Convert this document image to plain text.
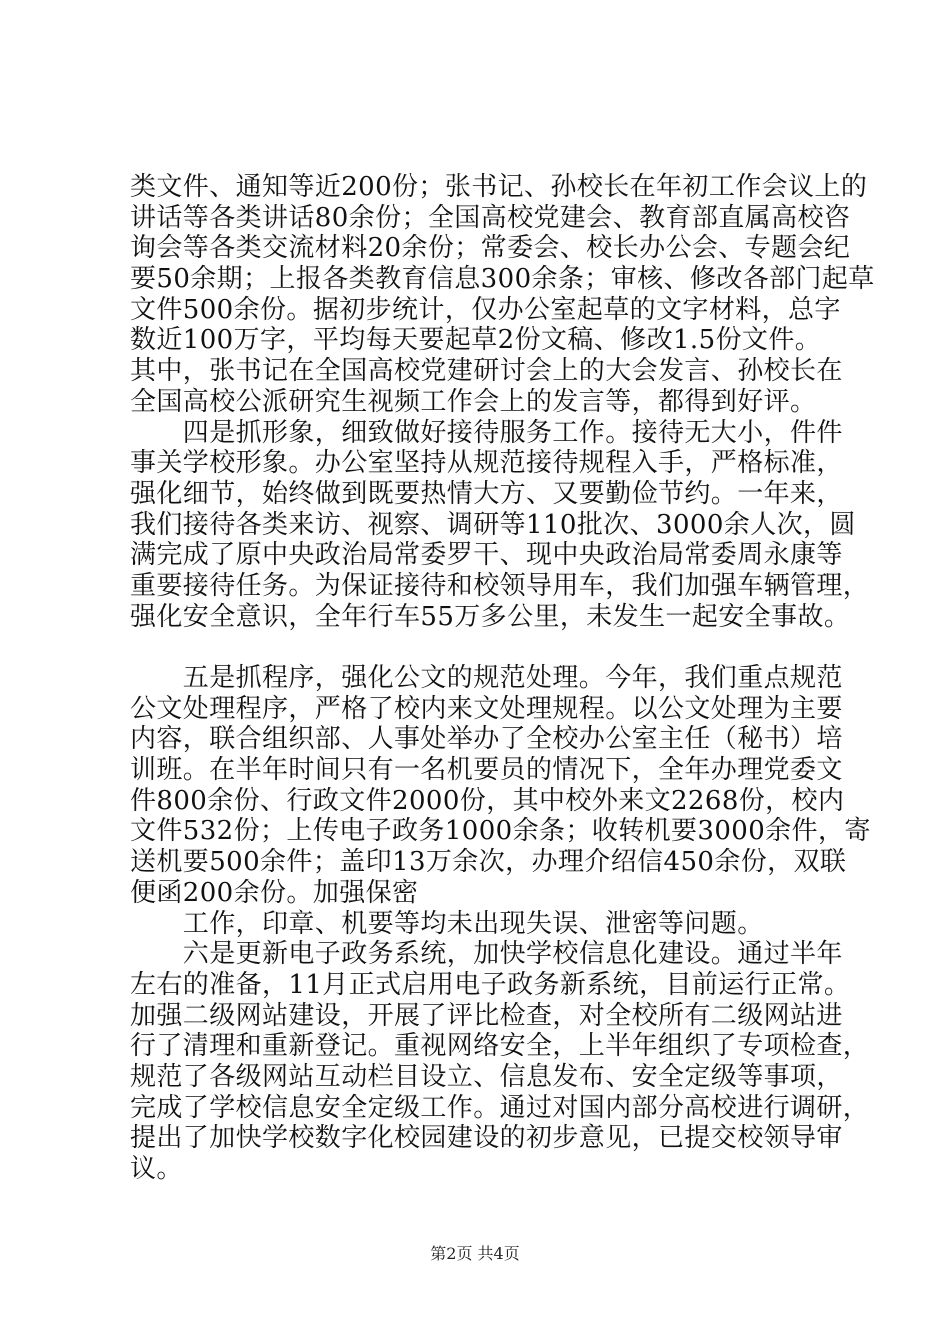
类文件、通知等近200份；张书记、孙校长在年初工作会议上的
讲话等各类讲话80余份；全国高校党建会、教育部直属高校咨
询会等各类交流材料20余份；常委会、校长办公会、专题会纪
要50余期；上报各类教育信息300余条；审核、修改各部门起草
文件500余份。据初步统计，仅办公室起草的文字材料，总字
数近100万字，平均每天要起草2份文稿、修改1.5份文件。
其中，张书记在全国高校党建研讨会上的大会发言、孙校长在
全国高校公派研究生视频工作会上的发言等，都得到好评。
　　四是抓形象，细致做好接待服务工作。接待无大小，件件
事关学校形象。办公室坚持从规范接待规程入手，严格标准，
强化细节，始终做到既要热情大方、又要勤俭节约。一年来，
我们接待各类来访、视察、调研等110批次、3000余人次，圆
满完成了原中央政治局常委罗干、现中央政治局常委周永康等
重要接待任务。为保证接待和校领导用车，我们加强车辆管理，
强化安全意识，全年行车55万多公里，未发生一起安全事故。
　　五是抓程序，强化公文的规范处理。今年，我们重点规范
公文处理程序，严格了校内来文处理规程。以公文处理为主要
内容，联合组织部、人事处举办了全校办公室主任（秘书）培
训班。在半年时间只有一名机要员的情况下，全年办理党委文
件800余份、行政文件2000份，其中校外来文2268份，校内
文件532份；上传电子政务1000余条；收转机要3000余件，寄
送机要500余件；盖印13万余次，办理介绍信450余份，双联
便函200余份。加强保密
　　工作，印章、机要等均未出现失误、泄密等问题。
　　六是更新电子政务系统，加快学校信息化建设。通过半年
左右的准备，11月正式启用电子政务新系统，目前运行正常。
加强二级网站建设，开展了评比检查，对全校所有二级网站进
行了清理和重新登记。重视网络安全，上半年组织了专项检查，
规范了各级网站互动栏目设立、信息发布、安全定级等事项，
完成了学校信息安全定级工作。通过对国内部分高校进行调研，
提出了加快学校数字化校园建设的初步意见，已提交校领导审
议。
第2页 共4页
